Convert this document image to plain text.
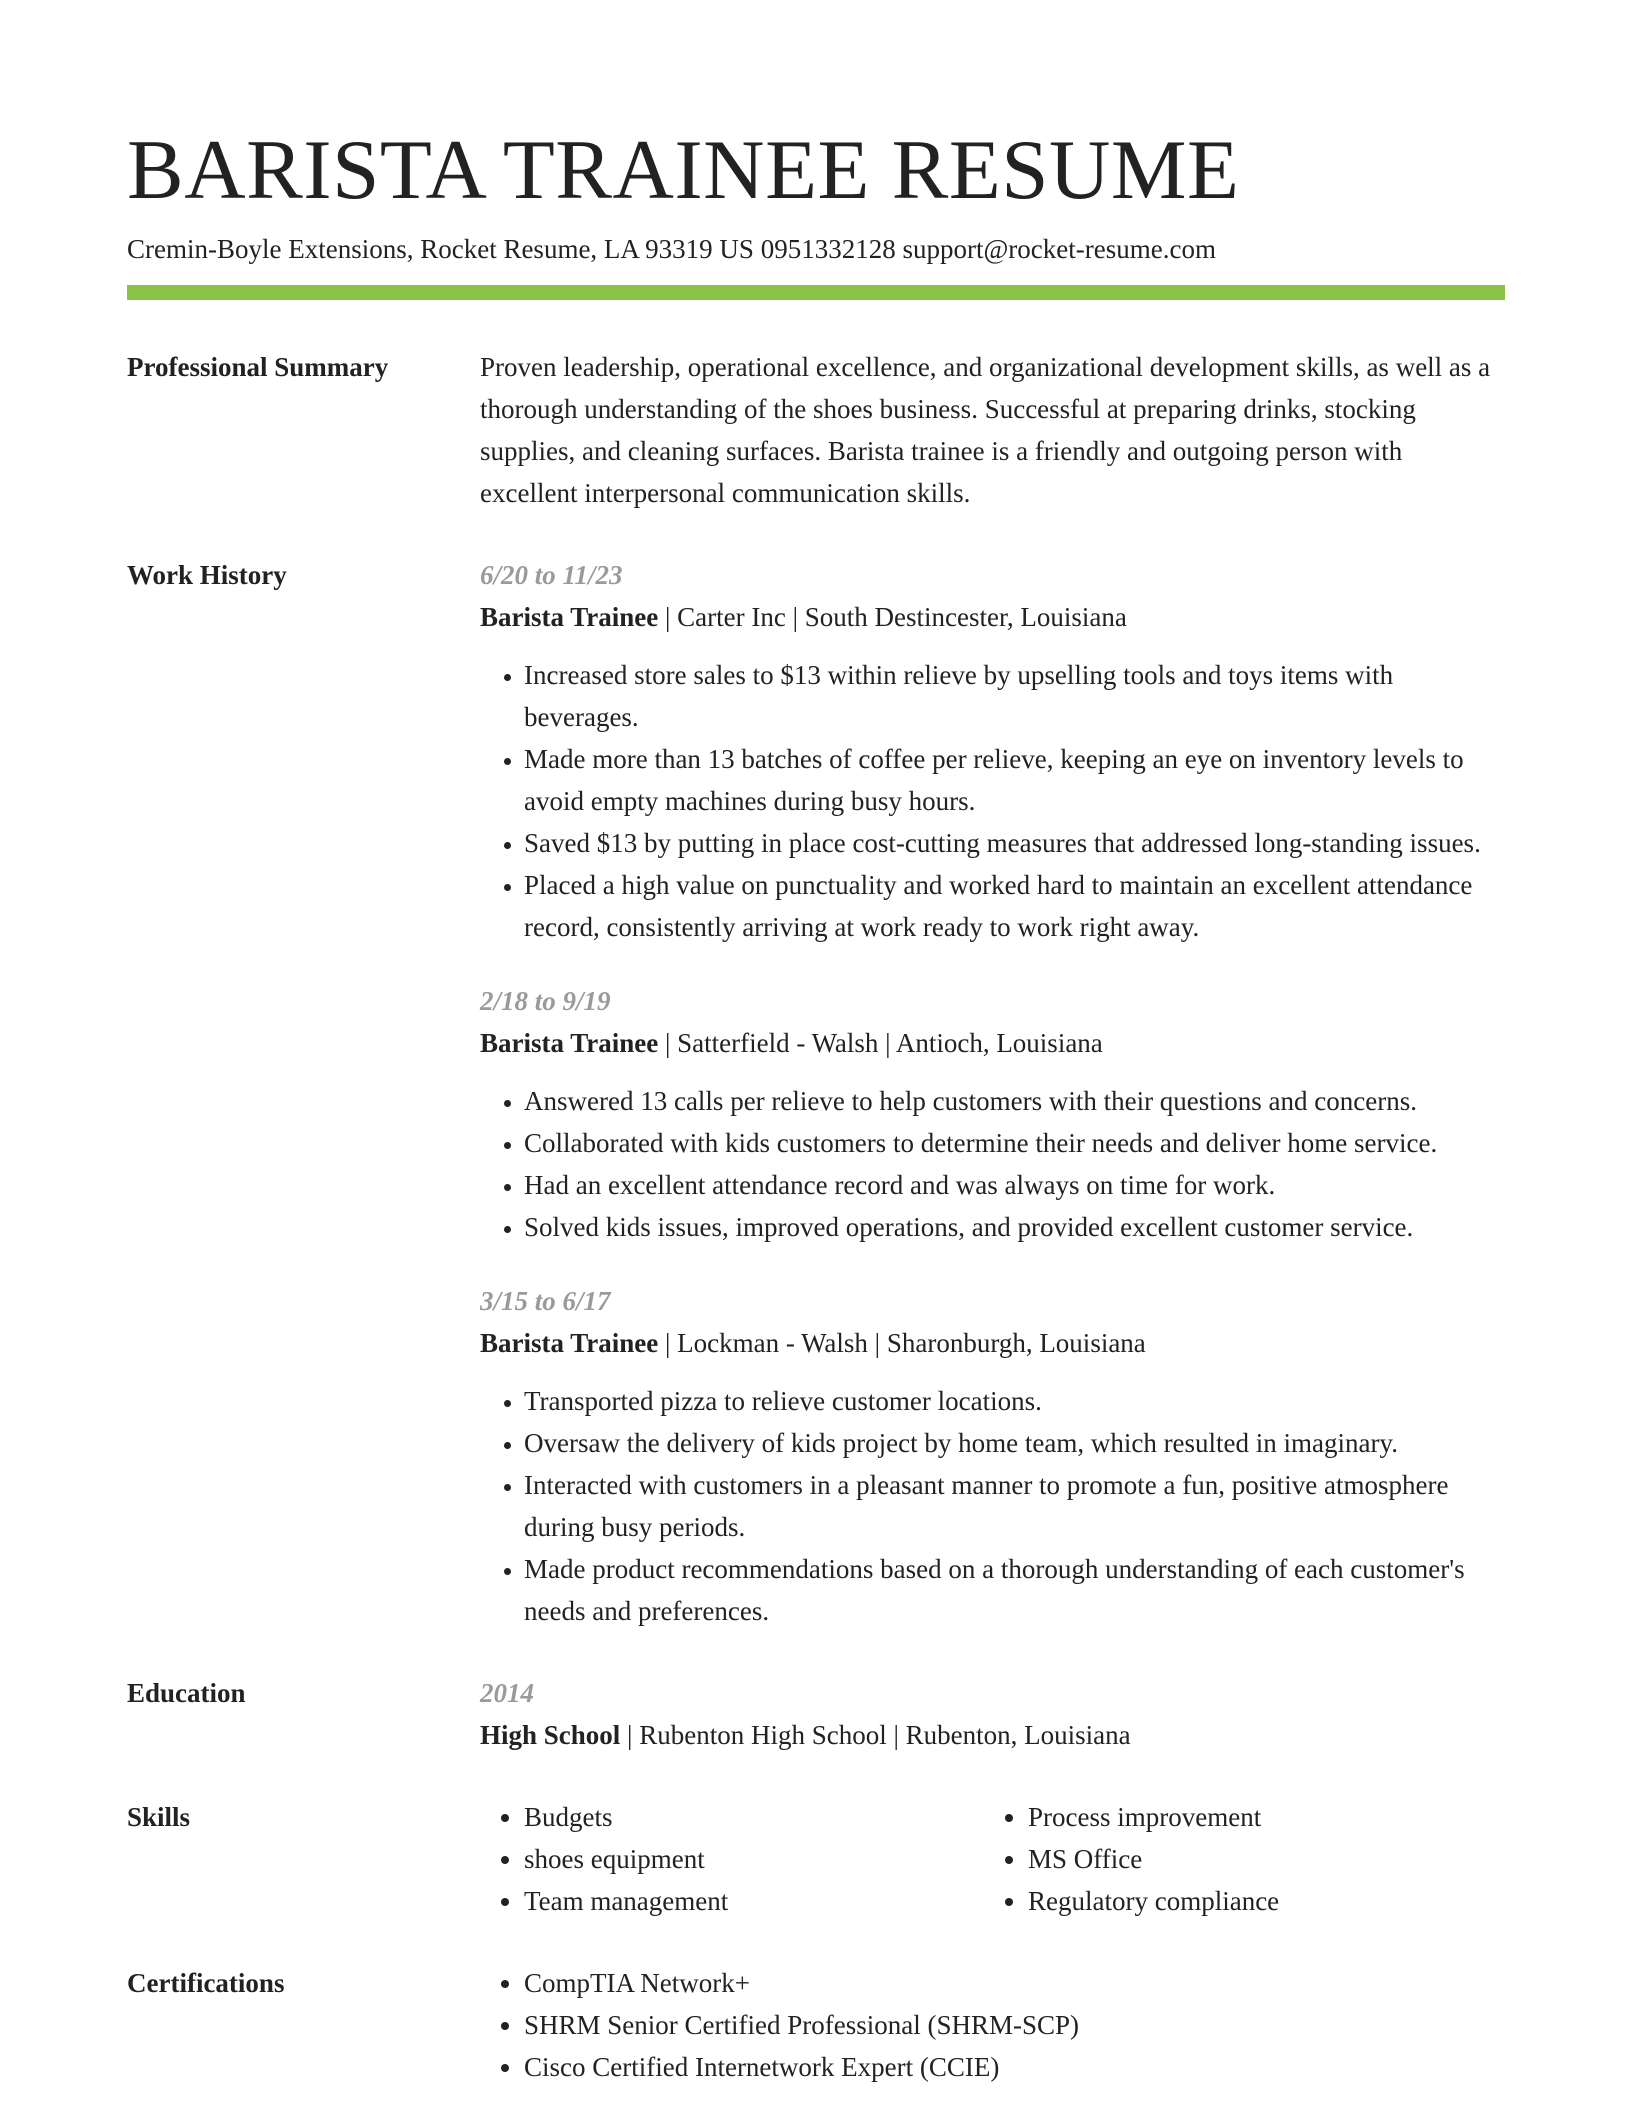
BARISTA TRAINEE RESUME
Cremin-Boyle Extensions, Rocket Resume, LA 93319 US 0951332128 support@rocket-resume.com
Professional Summary	Proven leadership, operational excellence, and organizational development skills, as well as a thorough understanding of the shoes business. Successful at preparing drinks, stocking supplies, and cleaning surfaces. Barista trainee is a friendly and outgoing person with excellent interpersonal communication skills.

Work History	6/20 to 11/23
Barista Trainee | Carter Inc | South Destincester, Louisiana
• Increased store sales to $13 within relieve by upselling tools and toys items with beverages.
• Made more than 13 batches of coffee per relieve, keeping an eye on inventory levels to avoid empty machines during busy hours.
• Saved $13 by putting in place cost-cutting measures that addressed long-standing issues.
• Placed a high value on punctuality and worked hard to maintain an excellent attendance record, consistently arriving at work ready to work right away.
2/18 to 9/19
Barista Trainee | Satterfield - Walsh | Antioch, Louisiana
• Answered 13 calls per relieve to help customers with their questions and concerns.
• Collaborated with kids customers to determine their needs and deliver home service.
• Had an excellent attendance record and was always on time for work.
• Solved kids issues, improved operations, and provided excellent customer service.
3/15 to 6/17
Barista Trainee | Lockman - Walsh | Sharonburgh, Louisiana
• Transported pizza to relieve customer locations.
• Oversaw the delivery of kids project by home team, which resulted in imaginary.
• Interacted with customers in a pleasant manner to promote a fun, positive atmosphere during busy periods.
• Made product recommendations based on a thorough understanding of each customer's needs and preferences.
Education	2014
High School | Rubenton High School | Rubenton, Louisiana
Skills	• Budgets
• shoes equipment
• Team management
• Process improvement
• MS Office
• Regulatory compliance
Certifications	• CompTIA Network+
• SHRM Senior Certified Professional (SHRM-SCP)
• Cisco Certified Internetwork Expert (CCIE)
